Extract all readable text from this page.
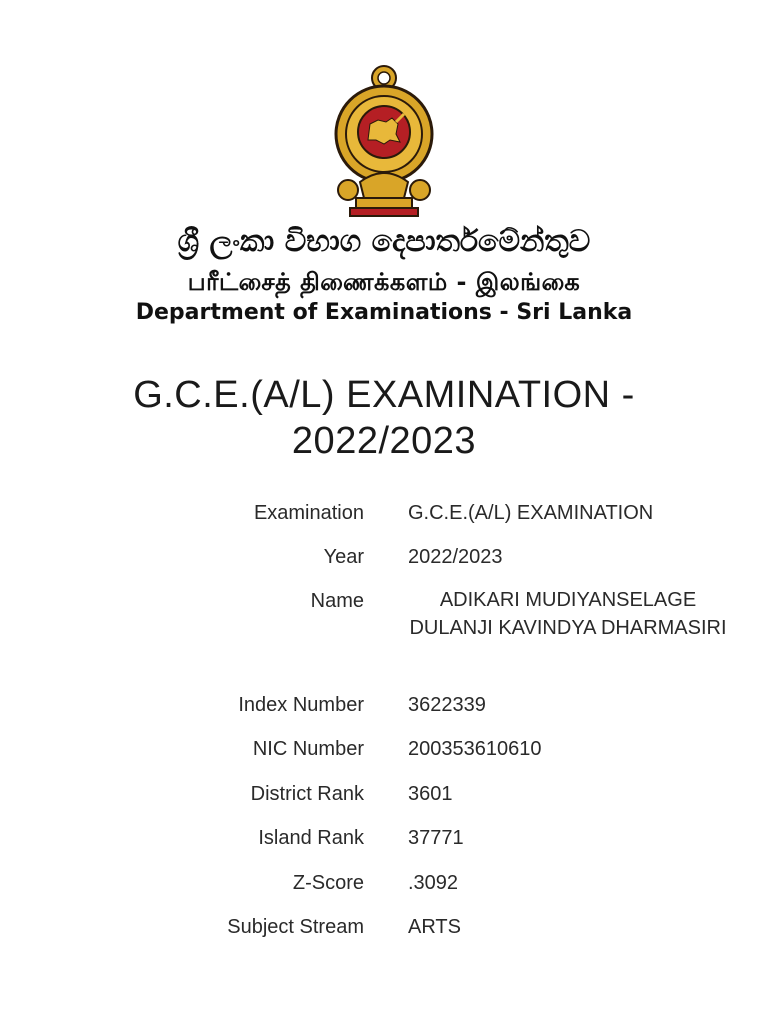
ශ්‍රී ලංකා විභාග දෙපාර්තමේන්තුව
பரீட்சைத் திணைக்களம் - இலங்கை
Department of Examinations - Sri Lanka
G.C.E.(A/L) EXAMINATION -
2022/2023
Examination G.C.E.(A/L) EXAMINATION
Year 2022/2023
Name	ADIKARI MUDIYANSELAGE DULANJI KAVINDYA DHARMASIRI
Index Number 3622339
NIC Number 200353610610
District Rank 3601
Island Rank 37771
Z-Score .3092
Subject Stream ARTS
